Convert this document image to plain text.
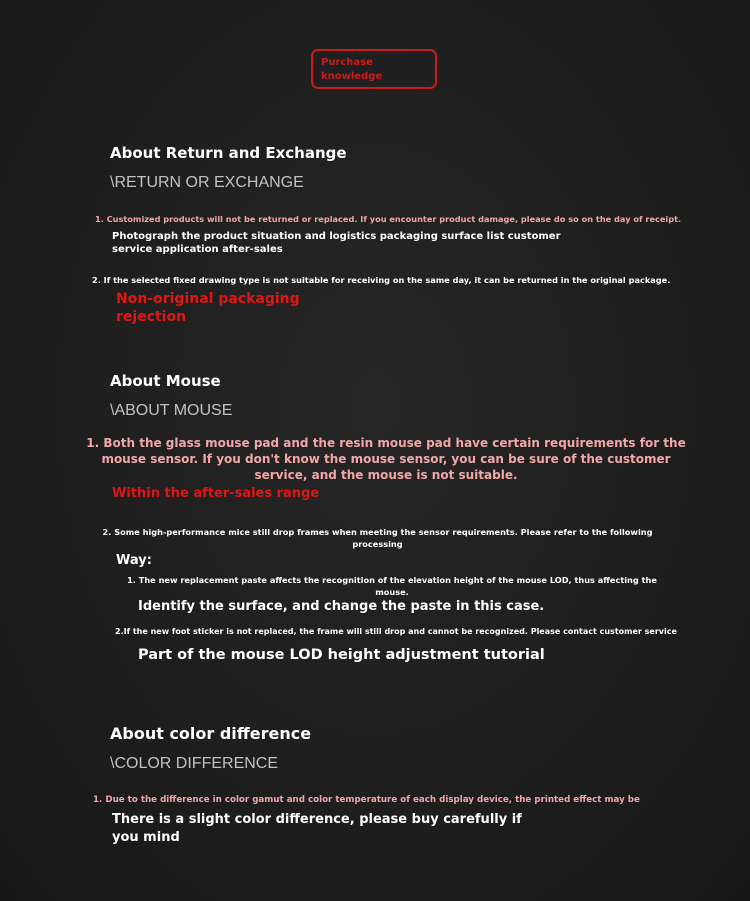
Purchase knowledge
About Return and Exchange
\RETURN OR EXCHANGE
1. Customized products will not be returned or replaced. If you encounter product damage, please do so on the day of receipt.
Photograph the product situation and logistics packaging surface list customer service application after-sales
2. If the selected fixed drawing type is not suitable for receiving on the same day, it can be returned in the original package.
Non-original packaging rejection
About Mouse
\ABOUT MOUSE
1. Both the glass mouse pad and the resin mouse pad have certain requirements for the mouse sensor. If you don't know the mouse sensor, you can be sure of the customer service, and the mouse is not suitable.
Within the after-sales range
2. Some high-performance mice still drop frames when meeting the sensor requirements. Please refer to the following processing
Way:
1. The new replacement paste affects the recognition of the elevation height of the mouse LOD, thus affecting the mouse.
Identify the surface, and change the paste in this case.
2.If the new foot sticker is not replaced, the frame will still drop and cannot be recognized. Please contact customer service
Part of the mouse LOD height adjustment tutorial
About color difference
\COLOR DIFFERENCE
1. Due to the difference in color gamut and color temperature of each display device, the printed effect may be
There is a slight color difference, please buy carefully if you mind
